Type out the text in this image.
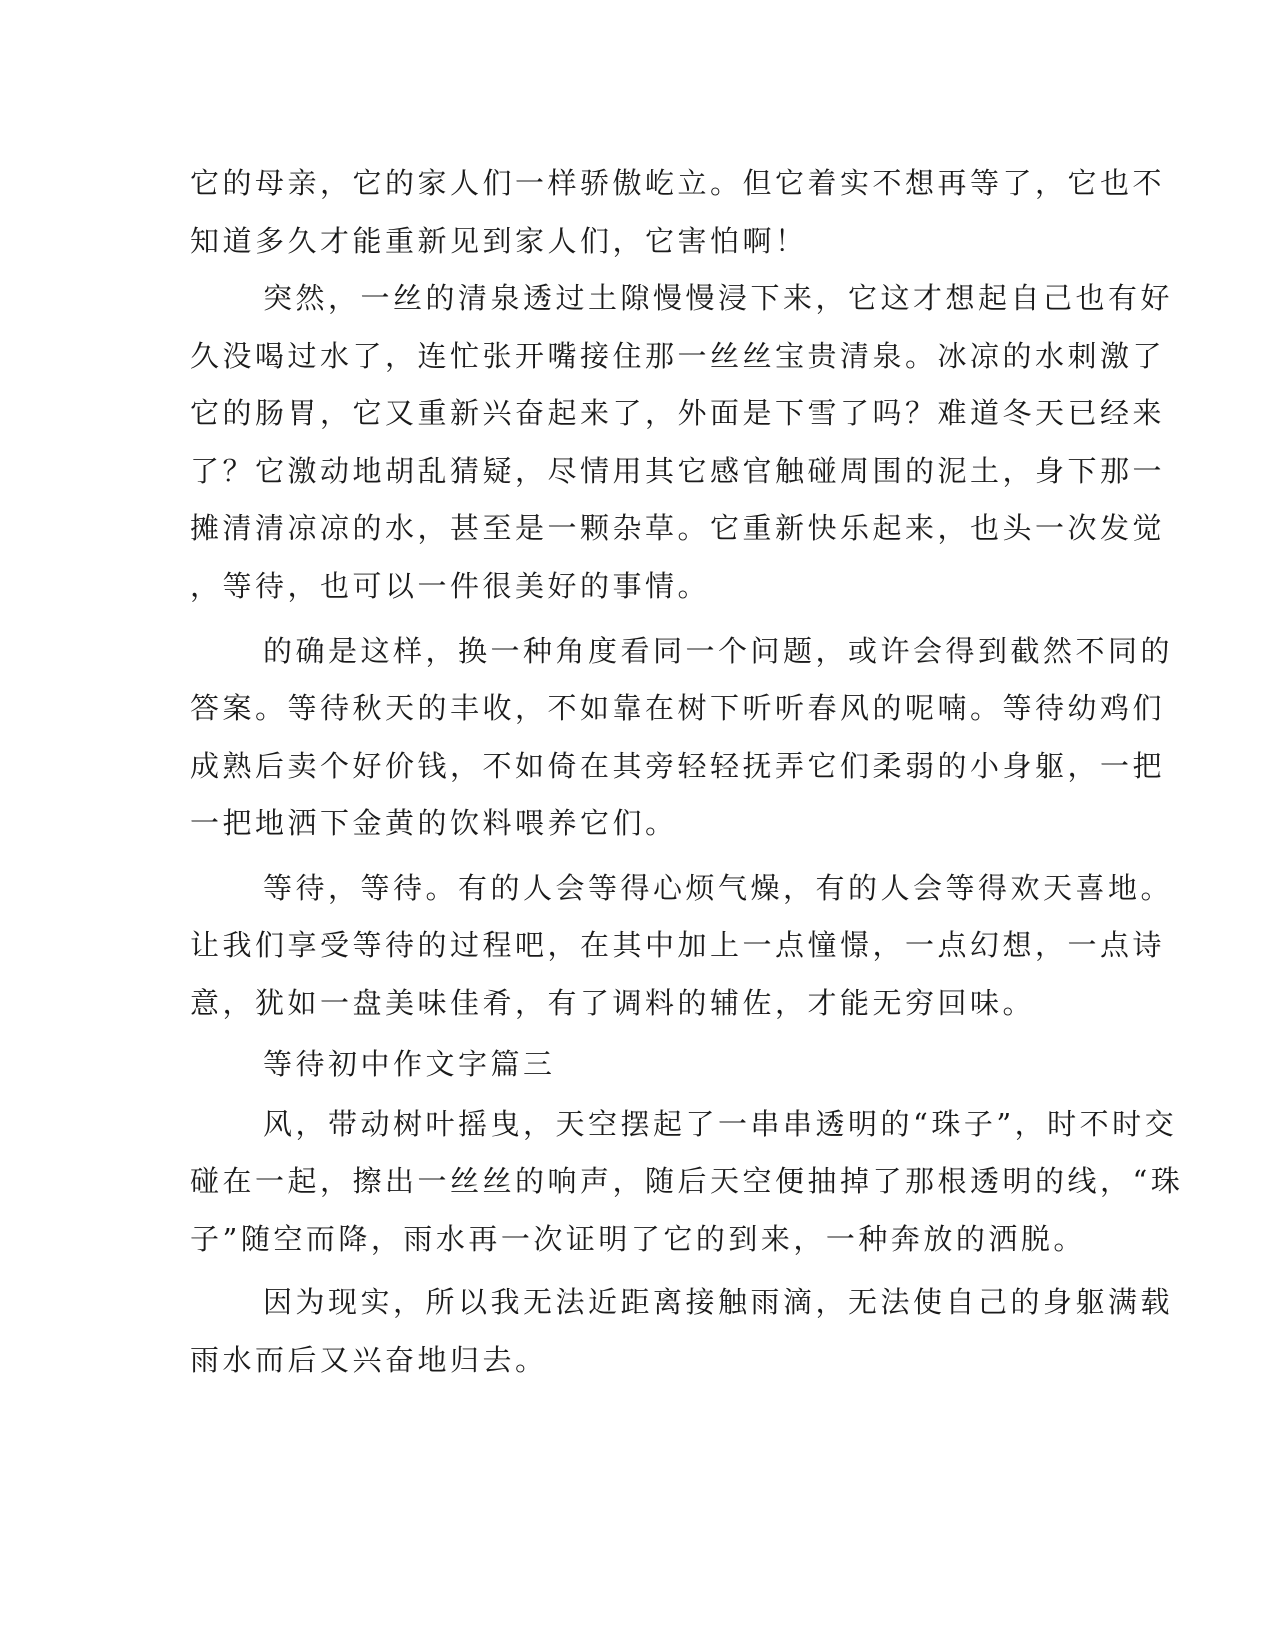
它的母亲，它的家人们一样骄傲屹立。但它着实不想再等了，它也不
知道多久才能重新见到家人们，它害怕啊！
突然，一丝的清泉透过土隙慢慢浸下来，它这才想起自己也有好
久没喝过水了，连忙张开嘴接住那一丝丝宝贵清泉。冰凉的水刺激了
它的肠胃，它又重新兴奋起来了，外面是下雪了吗？难道冬天已经来
了？它激动地胡乱猜疑，尽情用其它感官触碰周围的泥土，身下那一
摊清清凉凉的水，甚至是一颗杂草。它重新快乐起来，也头一次发觉
，等待，也可以一件很美好的事情。
的确是这样，换一种角度看同一个问题，或许会得到截然不同的
答案。等待秋天的丰收，不如靠在树下听听春风的呢喃。等待幼鸡们
成熟后卖个好价钱，不如倚在其旁轻轻抚弄它们柔弱的小身躯，一把
一把地洒下金黄的饮料喂养它们。
等待，等待。有的人会等得心烦气燥，有的人会等得欢天喜地。
让我们享受等待的过程吧，在其中加上一点憧憬，一点幻想，一点诗
意，犹如一盘美味佳肴，有了调料的辅佐，才能无穷回味。
等待初中作文字篇三
风，带动树叶摇曳，天空摆起了一串串透明的“珠子”，时不时交
碰在一起，擦出一丝丝的响声，随后天空便抽掉了那根透明的线，“珠
子”随空而降，雨水再一次证明了它的到来，一种奔放的洒脱。
因为现实，所以我无法近距离接触雨滴，无法使自己的身躯满载
雨水而后又兴奋地归去。
